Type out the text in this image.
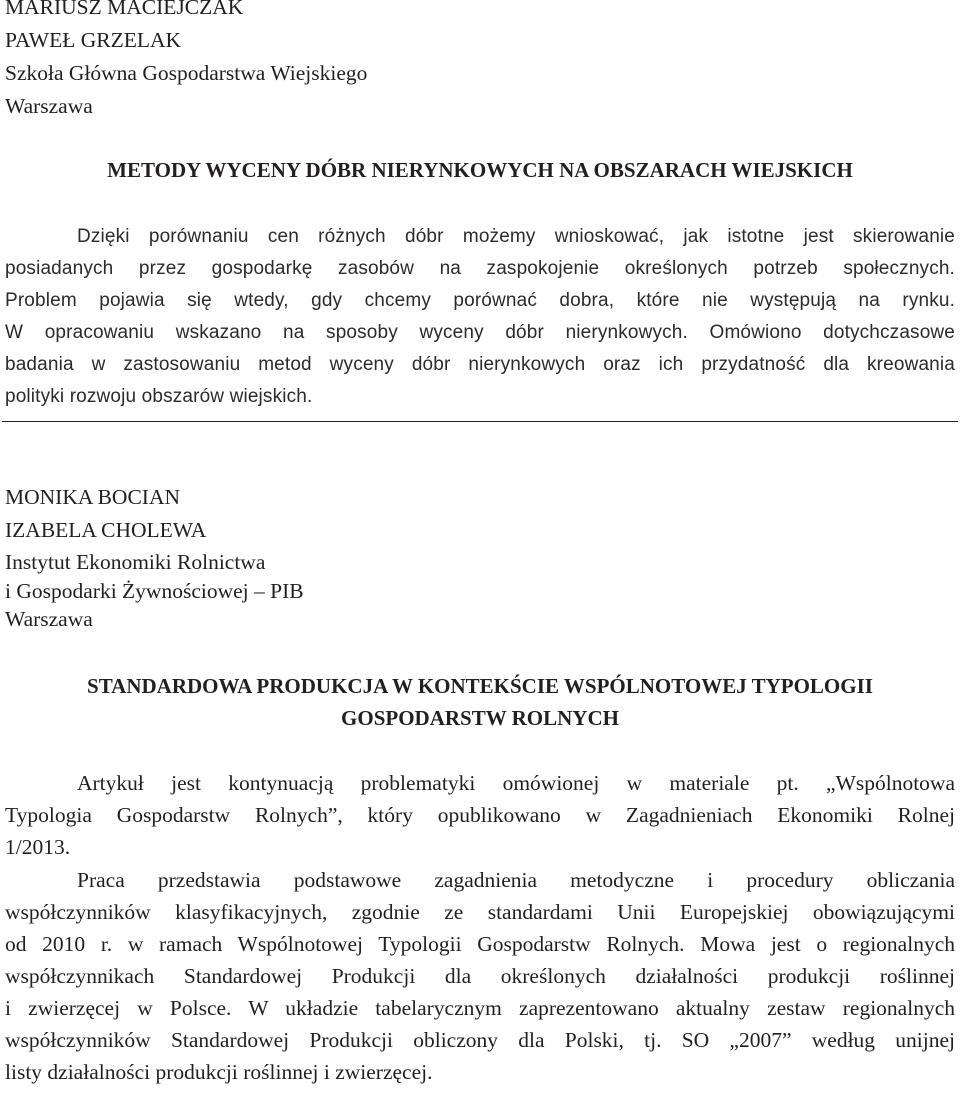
MARIUSZ MACIEJCZAK
PAWEŁ GRZELAK
Szkoła Główna Gospodarstwa Wiejskiego
Warszawa
METODY WYCENY DÓBR NIERYNKOWYCH NA OBSZARACH WIEJSKICH
Dzięki porównaniu cen różnych dóbr możemy wnioskować, jak istotne jest skierowanie
posiadanych przez gospodarkę zasobów na zaspokojenie określonych potrzeb społecznych.
Problem pojawia się wtedy, gdy chcemy porównać dobra, które nie występują na rynku.
W opracowaniu wskazano na sposoby wyceny dóbr nierynkowych. Omówiono dotychczasowe
badania w zastosowaniu metod wyceny dóbr nierynkowych oraz ich przydatność dla kreowania
polityki rozwoju obszarów wiejskich.
MONIKA BOCIAN
IZABELA CHOLEWA
Instytut Ekonomiki Rolnictwa
i Gospodarki Żywnościowej – PIB
Warszawa
STANDARDOWA PRODUKCJA W KONTEKŚCIE WSPÓLNOTOWEJ TYPOLOGII
GOSPODARSTW ROLNYCH
Artykuł jest kontynuacją problematyki omówionej w materiale pt. „Wspólnotowa
Typologia Gospodarstw Rolnych”, który opublikowano w Zagadnieniach Ekonomiki Rolnej
1/2013.
Praca przedstawia podstawowe zagadnienia metodyczne i procedury obliczania
współczynników klasyfikacyjnych, zgodnie ze standardami Unii Europejskiej obowiązującymi
od 2010 r. w ramach Wspólnotowej Typologii Gospodarstw Rolnych. Mowa jest o regionalnych
współczynnikach Standardowej Produkcji dla określonych działalności produkcji roślinnej
i zwierzęcej w Polsce. W układzie tabelarycznym zaprezentowano aktualny zestaw regionalnych
współczynników Standardowej Produkcji obliczony dla Polski, tj. SO „2007” według unijnej
listy działalności produkcji roślinnej i zwierzęcej.
